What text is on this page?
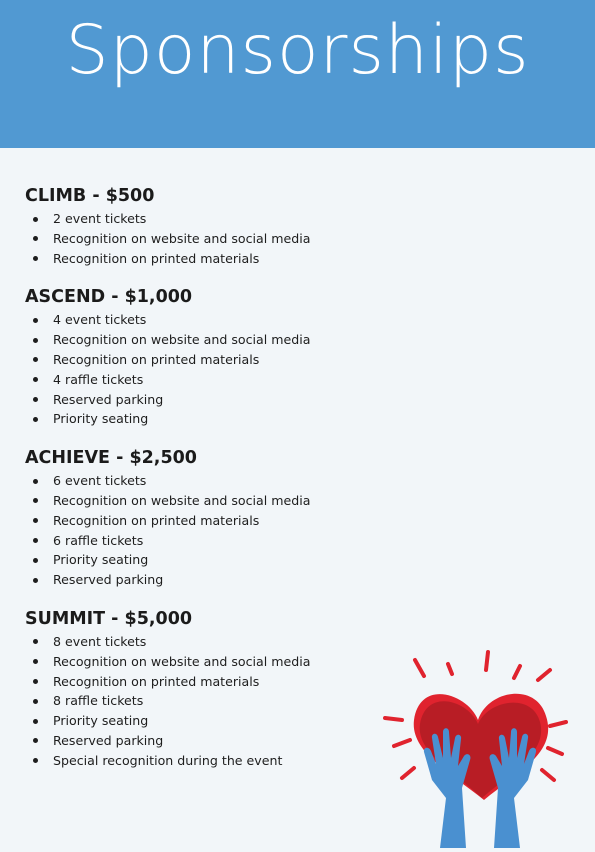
Sponsorships
CLIMB - $500
2 event tickets
Recognition on website and social media
Recognition on printed materials
ASCEND - $1,000
4 event tickets
Recognition on website and social media
Recognition on printed materials
4 raffle tickets
Reserved parking
Priority seating
ACHIEVE - $2,500
6 event tickets
Recognition on website and social media
Recognition on printed materials
6 raffle tickets
Priority seating
Reserved parking
SUMMIT - $5,000
8 event tickets
Recognition on website and social media
Recognition on printed materials
8 raffle tickets
Priority seating
Reserved parking
Special recognition during the event
